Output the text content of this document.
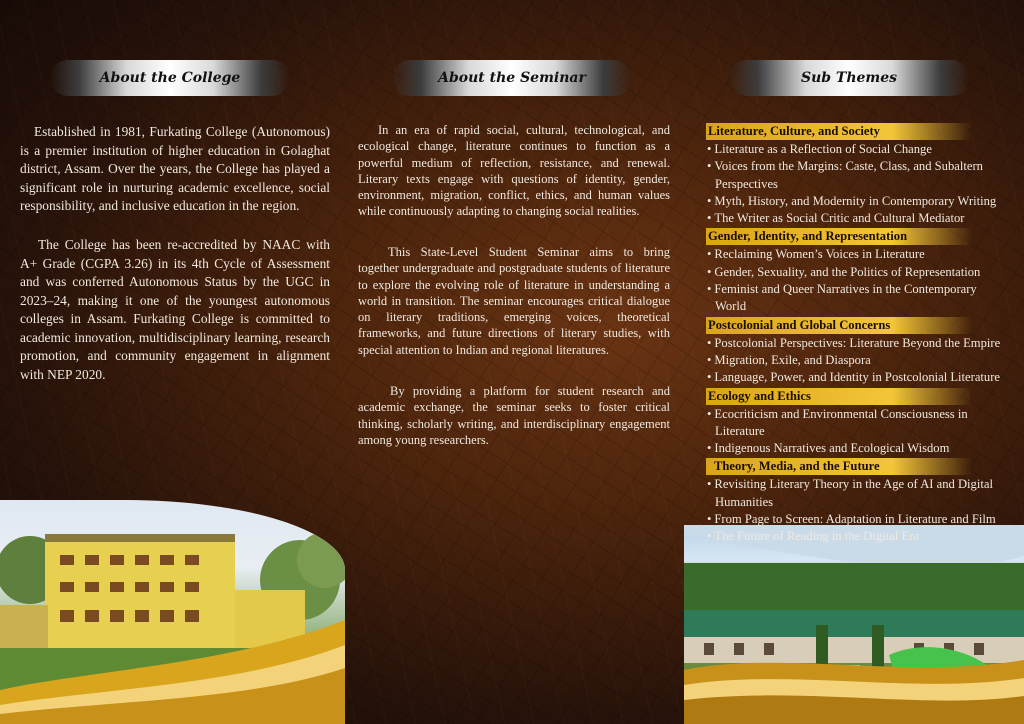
About the College

Established in 1981, Furkating College (Autonomous) is a premier institution of higher education in Golaghat district, Assam. Over the years, the College has played a significant role in nurturing academic excellence, social responsibility, and inclusive education in the region.

The College has been re-accredited by NAAC with A+ Grade (CGPA 3.26) in its 4th Cycle of Assessment and was conferred Autonomous Status by the UGC in 2023–24, making it one of the youngest autonomous colleges in Assam. Furkating College is committed to academic innovation, multidisciplinary learning, research promotion, and community engagement in alignment with NEP 2020.

About the Seminar

In an era of rapid social, cultural, technological, and ecological change, literature continues to function as a powerful medium of reflection, resistance, and renewal. Literary texts engage with questions of identity, gender, environment, migration, conflict, ethics, and human values while continuously adapting to changing social realities.

This State-Level Student Seminar aims to bring together undergraduate and postgraduate students of literature to explore the evolving role of literature in understanding a world in transition. The seminar encourages critical dialogue on literary traditions, emerging voices, theoretical frameworks, and future directions of literary studies, with special attention to Indian and regional literatures.

By providing a platform for student research and academic exchange, the seminar seeks to foster critical thinking, scholarly writing, and interdisciplinary engagement among young researchers.

Sub Themes
Literature, Culture, and Society
• Literature as a Reflection of Social Change
• Voices from the Margins: Caste, Class, and Subaltern Perspectives
• Myth, History, and Modernity in Contemporary Writing
• The Writer as Social Critic and Cultural Mediator
Gender, Identity, and Representation
• Reclaiming Women’s Voices in Literature
• Gender, Sexuality, and the Politics of Representation
• Feminist and Queer Narratives in the Contemporary World
Postcolonial and Global Concerns
• Postcolonial Perspectives: Literature Beyond the Empire
• Migration, Exile, and Diaspora
• Language, Power, and Identity in Postcolonial Literature
Ecology and Ethics
• Ecocriticism and Environmental Consciousness in Literature
• Indigenous Narratives and Ecological Wisdom
Theory, Media, and the Future
• Revisiting Literary Theory in the Age of AI and Digital Humanities
• From Page to Screen: Adaptation in Literature and Film
• The Future of Reading in the Digital Era
